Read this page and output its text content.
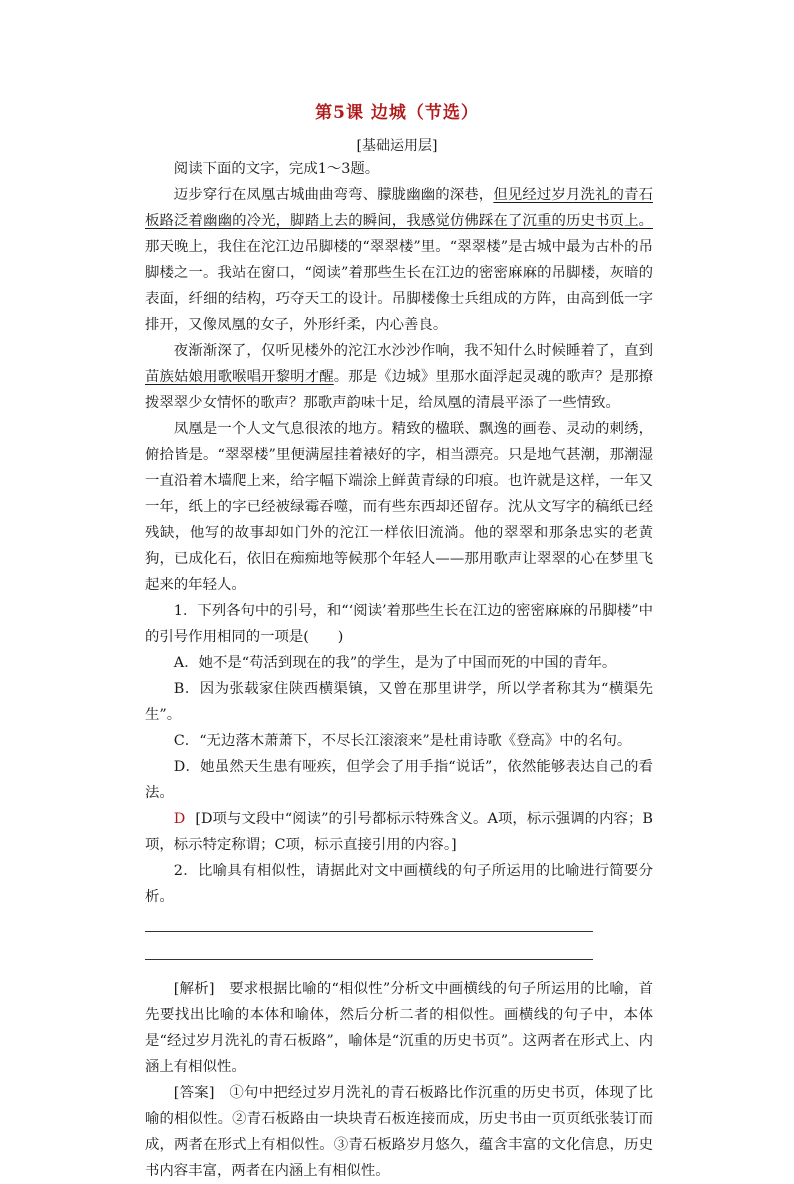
第5课 边城（节选）
[基础运用层]

阅读下面的文字，完成1～3题。

迈步穿行在凤凰古城曲曲弯弯、朦胧幽幽的深巷，但见经过岁月洗礼的青石板路泛着幽幽的冷光，脚踏上去的瞬间，我感觉仿佛踩在了沉重的历史书页上。那天晚上，我住在沱江边吊脚楼的“翠翠楼”里。“翠翠楼”是古城中最为古朴的吊脚楼之一。我站在窗口，“阅读”着那些生长在江边的密密麻麻的吊脚楼，灰暗的表面，纤细的结构，巧夺天工的设计。吊脚楼像士兵组成的方阵，由高到低一字排开，又像凤凰的女子，外形纤柔，内心善良。

夜渐渐深了，仅听见楼外的沱江水沙沙作响，我不知什么时候睡着了，直到苗族姑娘用歌喉唱开黎明才醒。那是《边城》里那水面浮起灵魂的歌声？是那撩拨翠翠少女情怀的歌声？那歌声韵味十足，给凤凰的清晨平添了一些情致。

凤凰是一个人文气息很浓的地方。精致的楹联、飘逸的画卷、灵动的刺绣，俯拾皆是。“翠翠楼”里便满屋挂着裱好的字，相当漂亮。只是地气甚潮，那潮湿一直沿着木墙爬上来，给字幅下端涂上鲜黄青绿的印痕。也许就是这样，一年又一年，纸上的字已经被绿霉吞噬，而有些东西却还留存。沈从文写字的稿纸已经残缺，他写的故事却如门外的沱江一样依旧流淌。他的翠翠和那条忠实的老黄狗，已成化石，依旧在痴痴地等候那个年轻人——那用歌声让翠翠的心在梦里飞起来的年轻人。

1．下列各句中的引号，和“‘阅读’着那些生长在江边的密密麻麻的吊脚楼”中的引号作用相同的一项是(　　)

A．她不是“苟活到现在的我”的学生，是为了中国而死的中国的青年。

B．因为张载家住陕西横渠镇，又曾在那里讲学，所以学者称其为“横渠先生”。

C．“无边落木萧萧下，不尽长江滚滚来”是杜甫诗歌《登高》中的名句。

D．她虽然天生患有哑疾，但学会了用手指“说话”，依然能够表达自己的看法。

D [D项与文段中“阅读”的引号都标示特殊含义。A项，标示强调的内容；B项，标示特定称谓；C项，标示直接引用的内容。]

2．比喻具有相似性，请据此对文中画横线的句子所运用的比喻进行简要分析。

[解析]　要求根据比喻的“相似性”分析文中画横线的句子所运用的比喻，首先要找出比喻的本体和喻体，然后分析二者的相似性。画横线的句子中，本体是“经过岁月洗礼的青石板路”，喻体是“沉重的历史书页”。这两者在形式上、内涵上有相似性。

[答案]　①句中把经过岁月洗礼的青石板路比作沉重的历史书页，体现了比喻的相似性。②青石板路由一块块青石板连接而成，历史书由一页页纸张装订而成，两者在形式上有相似性。③青石板路岁月悠久，蕴含丰富的文化信息，历史书内容丰富，两者在内涵上有相似性。
